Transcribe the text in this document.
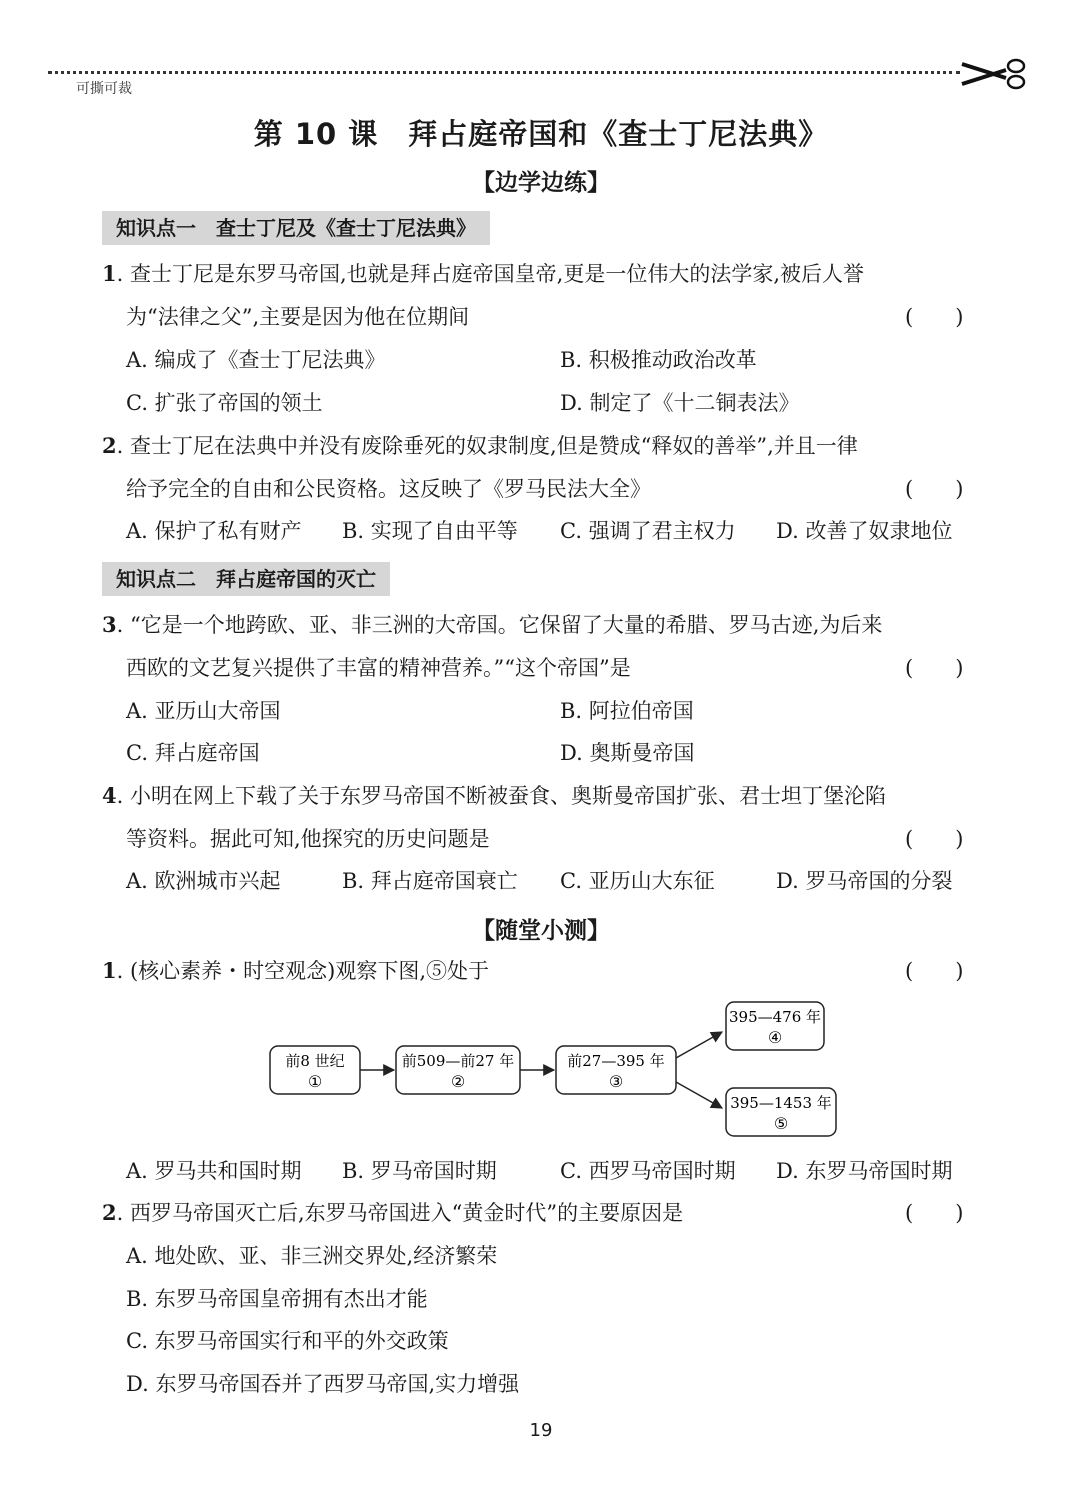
可撕可裁
第 10 课　拜占庭帝国和《查士丁尼法典》
【边学边练】
知识点一　查士丁尼及《查士丁尼法典》
1. 查士丁尼是东罗马帝国,也就是拜占庭帝国皇帝,更是一位伟大的法学家,被后人誉
为“法律之父”,主要是因为他在位期间	(　　)
A. 编成了《查士丁尼法典》	B. 积极推动政治改革
C. 扩张了帝国的领土	D. 制定了《十二铜表法》
2. 查士丁尼在法典中并没有废除垂死的奴隶制度,但是赞成“释奴的善举”,并且一律
给予完全的自由和公民资格。这反映了《罗马民法大全》	(　　)
A. 保护了私有财产 B. 实现了自由平等 C. 强调了君主权力 D. 改善了奴隶地位
知识点二　拜占庭帝国的灭亡
3. “它是一个地跨欧、亚、非三洲的大帝国。它保留了大量的希腊、罗马古迹,为后来
西欧的文艺复兴提供了丰富的精神营养。”“这个帝国”是	(　　)
A. 亚历山大帝国	B. 阿拉伯帝国
C. 拜占庭帝国	D. 奥斯曼帝国
4. 小明在网上下载了关于东罗马帝国不断被蚕食、奥斯曼帝国扩张、君士坦丁堡沦陷
等资料。据此可知,他探究的历史问题是	(　　)
A. 欧洲城市兴起	B. 拜占庭帝国衰亡 C. 亚历山大东征	D. 罗马帝国的分裂
【随堂小测】
1. (核心素养・时空观念)观察下图,⑤处于	(　　)
前8 世纪
①
前509—前27 年
②
前27—395 年
③
395—476 年
④
395—1453 年
⑤
A. 罗马共和国时期 B. 罗马帝国时期	C. 西罗马帝国时期 D. 东罗马帝国时期
2. 西罗马帝国灭亡后,东罗马帝国进入“黄金时代”的主要原因是	(　　)
A. 地处欧、亚、非三洲交界处,经济繁荣
B. 东罗马帝国皇帝拥有杰出才能
C. 东罗马帝国实行和平的外交政策
D. 东罗马帝国吞并了西罗马帝国,实力增强
19
